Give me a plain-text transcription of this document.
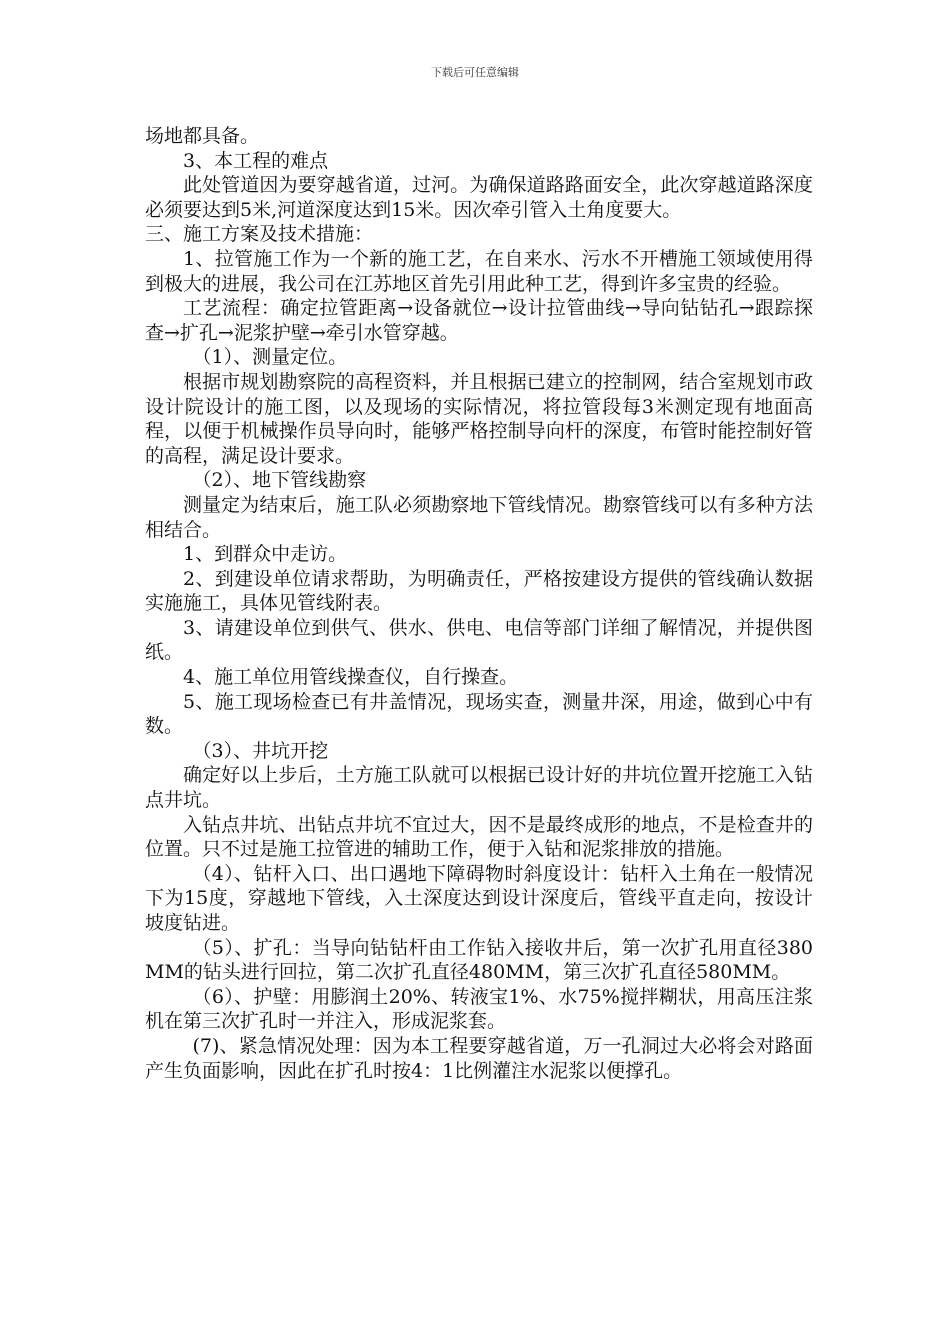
下载后可任意编辑

场地都具备。

3、本工程的难点

此处管道因为要穿越省道，过河。为确保道路路面安全，此次穿越道路深度必须要达到5米,河道深度达到15米。因次牵引管入土角度要大。

三、施工方案及技术措施：

1、拉管施工作为一个新的施工艺，在自来水、污水不开槽施工领域使用得到极大的进展，我公司在江苏地区首先引用此种工艺，得到许多宝贵的经验。

工艺流程：确定拉管距离→设备就位→设计拉管曲线→导向钻钻孔→跟踪探查→扩孔→泥浆护壁→牵引水管穿越。

（1）、测量定位。

根据市规划勘察院的高程资料，并且根据已建立的控制网，结合室规划市政设计院设计的施工图，以及现场的实际情况，将拉管段每3米测定现有地面高程，以便于机械操作员导向时，能够严格控制导向杆的深度，布管时能控制好管的高程，满足设计要求。

（2）、地下管线勘察

测量定为结束后，施工队必须勘察地下管线情况。勘察管线可以有多种方法相结合。

1、到群众中走访。

2、到建设单位请求帮助，为明确责任，严格按建设方提供的管线确认数据实施施工，具体见管线附表。

3、请建设单位到供气、供水、供电、电信等部门详细了解情况，并提供图纸。

4、施工单位用管线操查仪，自行操查。

5、施工现场检查已有井盖情况，现场实查，测量井深，用途，做到心中有数。

（3）、井坑开挖

确定好以上步后，土方施工队就可以根据已设计好的井坑位置开挖施工入钻点井坑。

入钻点井坑、出钻点井坑不宜过大，因不是最终成形的地点，不是检查井的位置。只不过是施工拉管进的辅助工作，便于入钻和泥浆排放的措施。

（4）、钻杆入口、出口遇地下障碍物时斜度设计：钻杆入土角在一般情况下为15度，穿越地下管线，入土深度达到设计深度后，管线平直走向，按设计坡度钻进。

（5）、扩孔：当导向钻钻杆由工作钻入接收井后，第一次扩孔用直径380MM的钻头进行回拉，第二次扩孔直径480MM，第三次扩孔直径580MM。

（6）、护壁：用膨润土20%、转液宝1%、水75%搅拌糊状，用高压注浆机在第三次扩孔时一并注入，形成泥浆套。

(7)、紧急情况处理：因为本工程要穿越省道，万一孔洞过大必将会对路面产生负面影响，因此在扩孔时按4：1比例灌注水泥浆以便撑孔。
